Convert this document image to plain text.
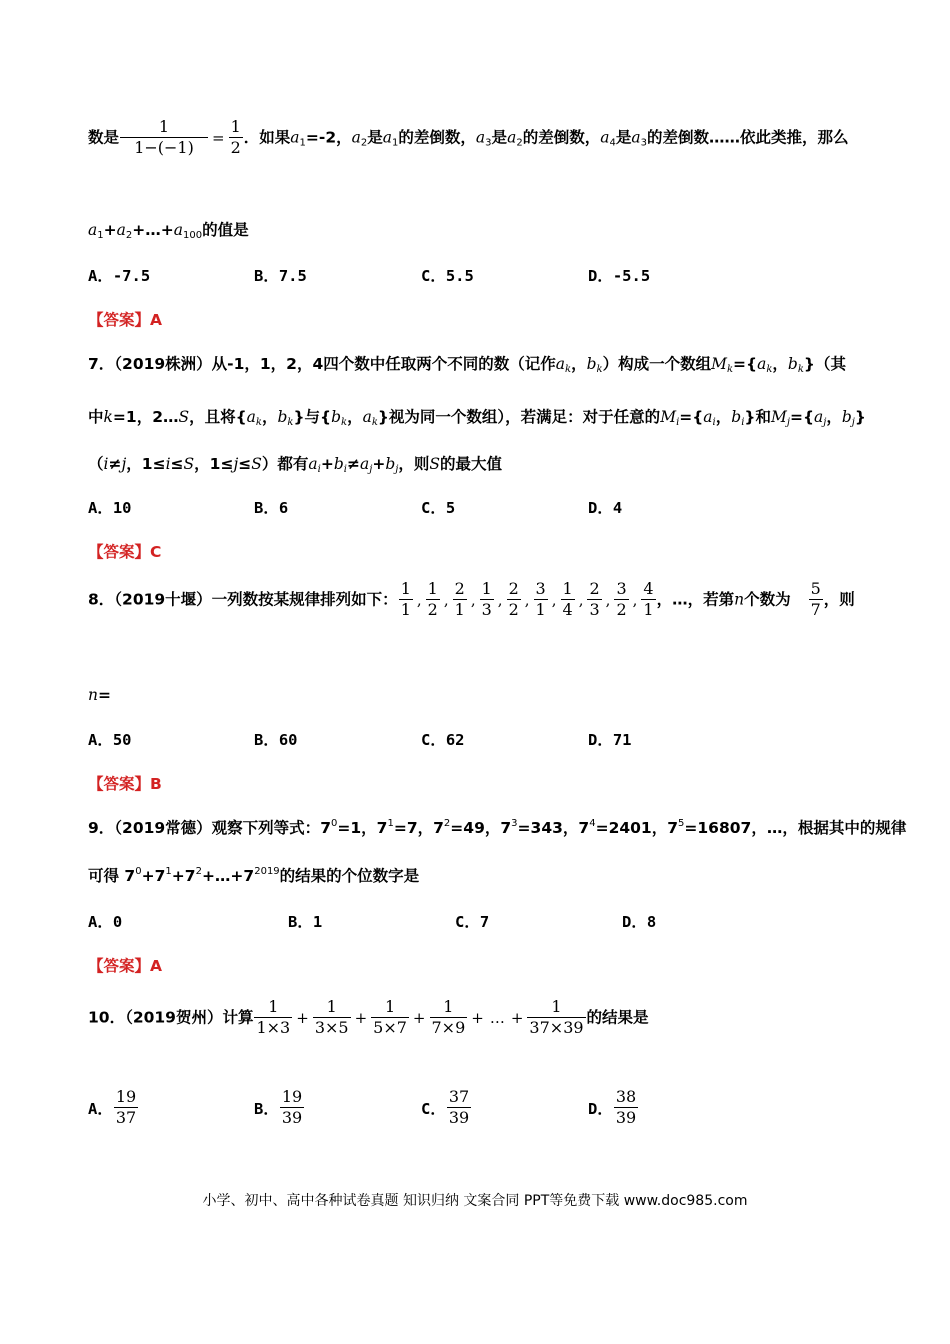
数是 $\frac{1}{1-(-1)} = \frac{1}{2}$ ．如果$a_1=-2$，$a_2$是$a_1$的差倒数，$a_3$是$a_2$的差倒数，$a_4$是$a_3$的差倒数……依此类推，那么
$a_1+a_2+\dots+a_{100}$的值是
A．-7.5	B．7.5	C．5.5	D．-5.5
【答案】A
7．（2019株洲）从-1，1，2，4四个数中任取两个不同的数（记作$a_k$，$b_k$）构成一个数组$M_k=\{a_k$，$b_k$}（其
中k=1，2…S，且将{$a_k$，$b_k$}与{$b_k$，$a_k$}视为同一个数组），若满足：对于任意的$M_i=\{a_i$，$b_i$}和$M_j=\{a_j$，$b_j$}
（i≠j，1≤i≤S，1≤j≤S）都有$a_i+b_i\ne a_j+b_j$，则S的最大值
A．10	B．6	C．5	D．4
【答案】C
8．（2019十堰）一列数按某规律排列如下： $\frac{1}{1}$ , $\frac{1}{2}$ , $\frac{2}{1}$ , $\frac{1}{3}$ , $\frac{2}{2}$ , $\frac{3}{1}$ , $\frac{1}{4}$ , $\frac{2}{3}$ , $\frac{3}{2}$ , $\frac{4}{1}$ ，…，若第n个数为 $\frac{5}{7}$ ，则
n=
A．50	B．60	C．62	D．71
【答案】B
9．（2019常德）观察下列等式：$7^0=1$，$7^1=7$，$7^2=49$，$7^3=343$，$7^4=2401$，$7^5=16807$，…，根据其中的规律
可得 $7^0+7^1+7^2+\dots+7^{2019}$的结果的个位数字是
A．0	B．1	C．7	D．8
【答案】A
10．（2019贺州）计算 $\frac{1}{1\times 3} + \frac{1}{3\times 5} + \frac{1}{5\times 7} + \frac{1}{7\times 9}$ + … + $\frac{1}{37\times 39}$ 的结果是
A． $\frac{19}{37}$	B． $\frac{19}{39}$	C． $\frac{37}{39}$	D． $\frac{38}{39}$
小学、初中、高中各种试卷真题 知识归纳 文案合同 PPT等免费下载 www.doc985.com
